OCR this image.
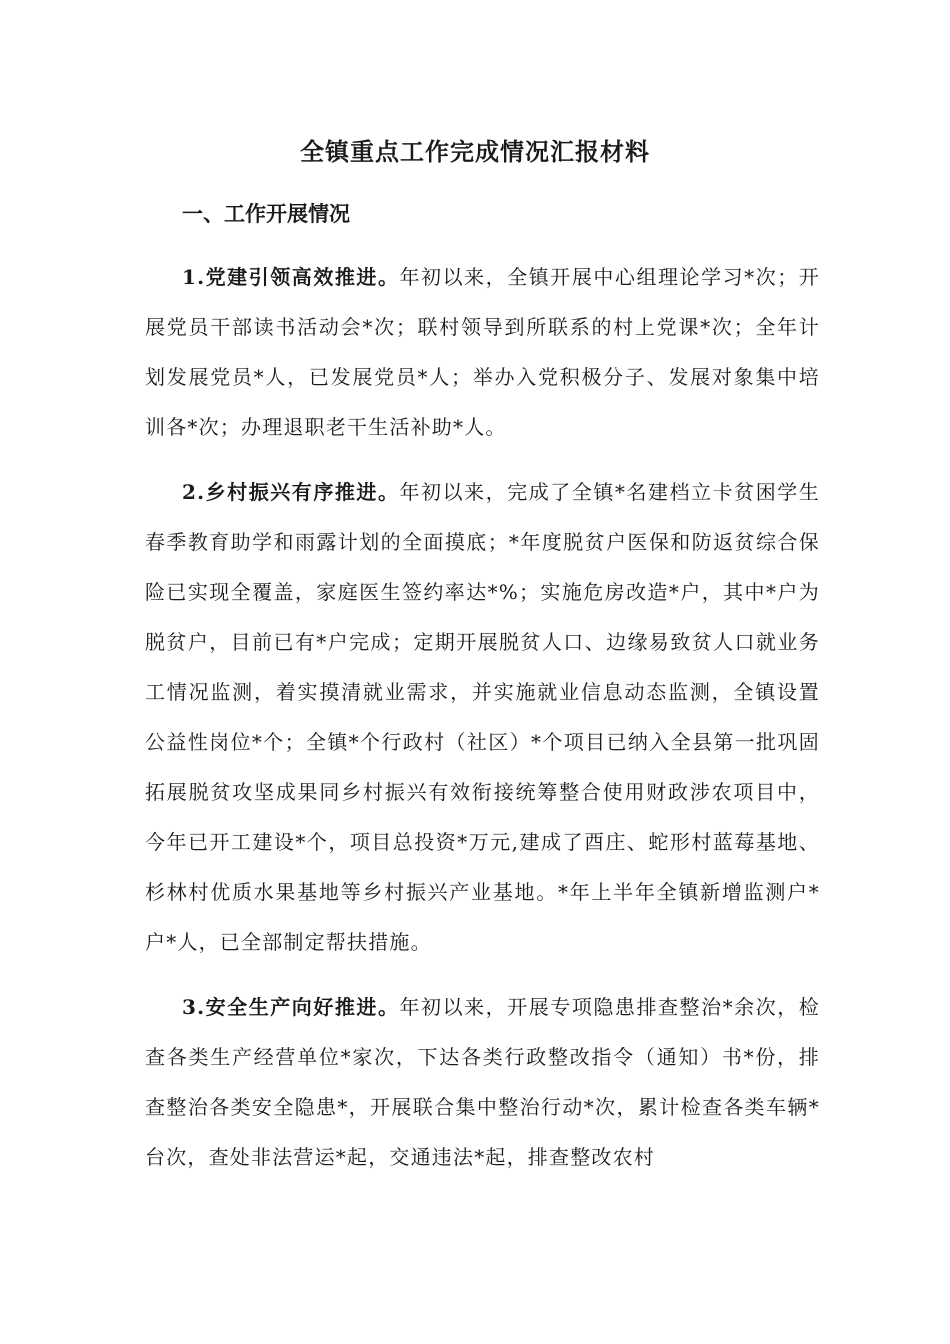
全镇重点工作完成情况汇报材料
一、工作开展情况

1.党建引领高效推进。年初以来，全镇开展中心组理论学习*次；开展党员干部读书活动会*次；联村领导到所联系的村上党课*次；全年计划发展党员*人，已发展党员*人；举办入党积极分子、发展对象集中培训各*次；办理退职老干生活补助*人。

2.乡村振兴有序推进。年初以来，完成了全镇*名建档立卡贫困学生春季教育助学和雨露计划的全面摸底；*年度脱贫户医保和防返贫综合保险已实现全覆盖，家庭医生签约率达*%；实施危房改造*户，其中*户为脱贫户，目前已有*户完成；定期开展脱贫人口、边缘易致贫人口就业务工情况监测，着实摸清就业需求，并实施就业信息动态监测，全镇设置公益性岗位*个；全镇*个行政村（社区）*个项目已纳入全县第一批巩固拓展脱贫攻坚成果同乡村振兴有效衔接统筹整合使用财政涉农项目中，今年已开工建设*个，项目总投资*万元,建成了酉庄、蛇形村蓝莓基地、杉林村优质水果基地等乡村振兴产业基地。*年上半年全镇新增监测户*户*人，已全部制定帮扶措施。

3.安全生产向好推进。年初以来，开展专项隐患排查整治*余次，检查各类生产经营单位*家次，下达各类行政整改指令（通知）书*份，排查整治各类安全隐患*，开展联合集中整治行动*次，累计检查各类车辆*台次，查处非法营运*起，交通违法*起，排查整改农村
